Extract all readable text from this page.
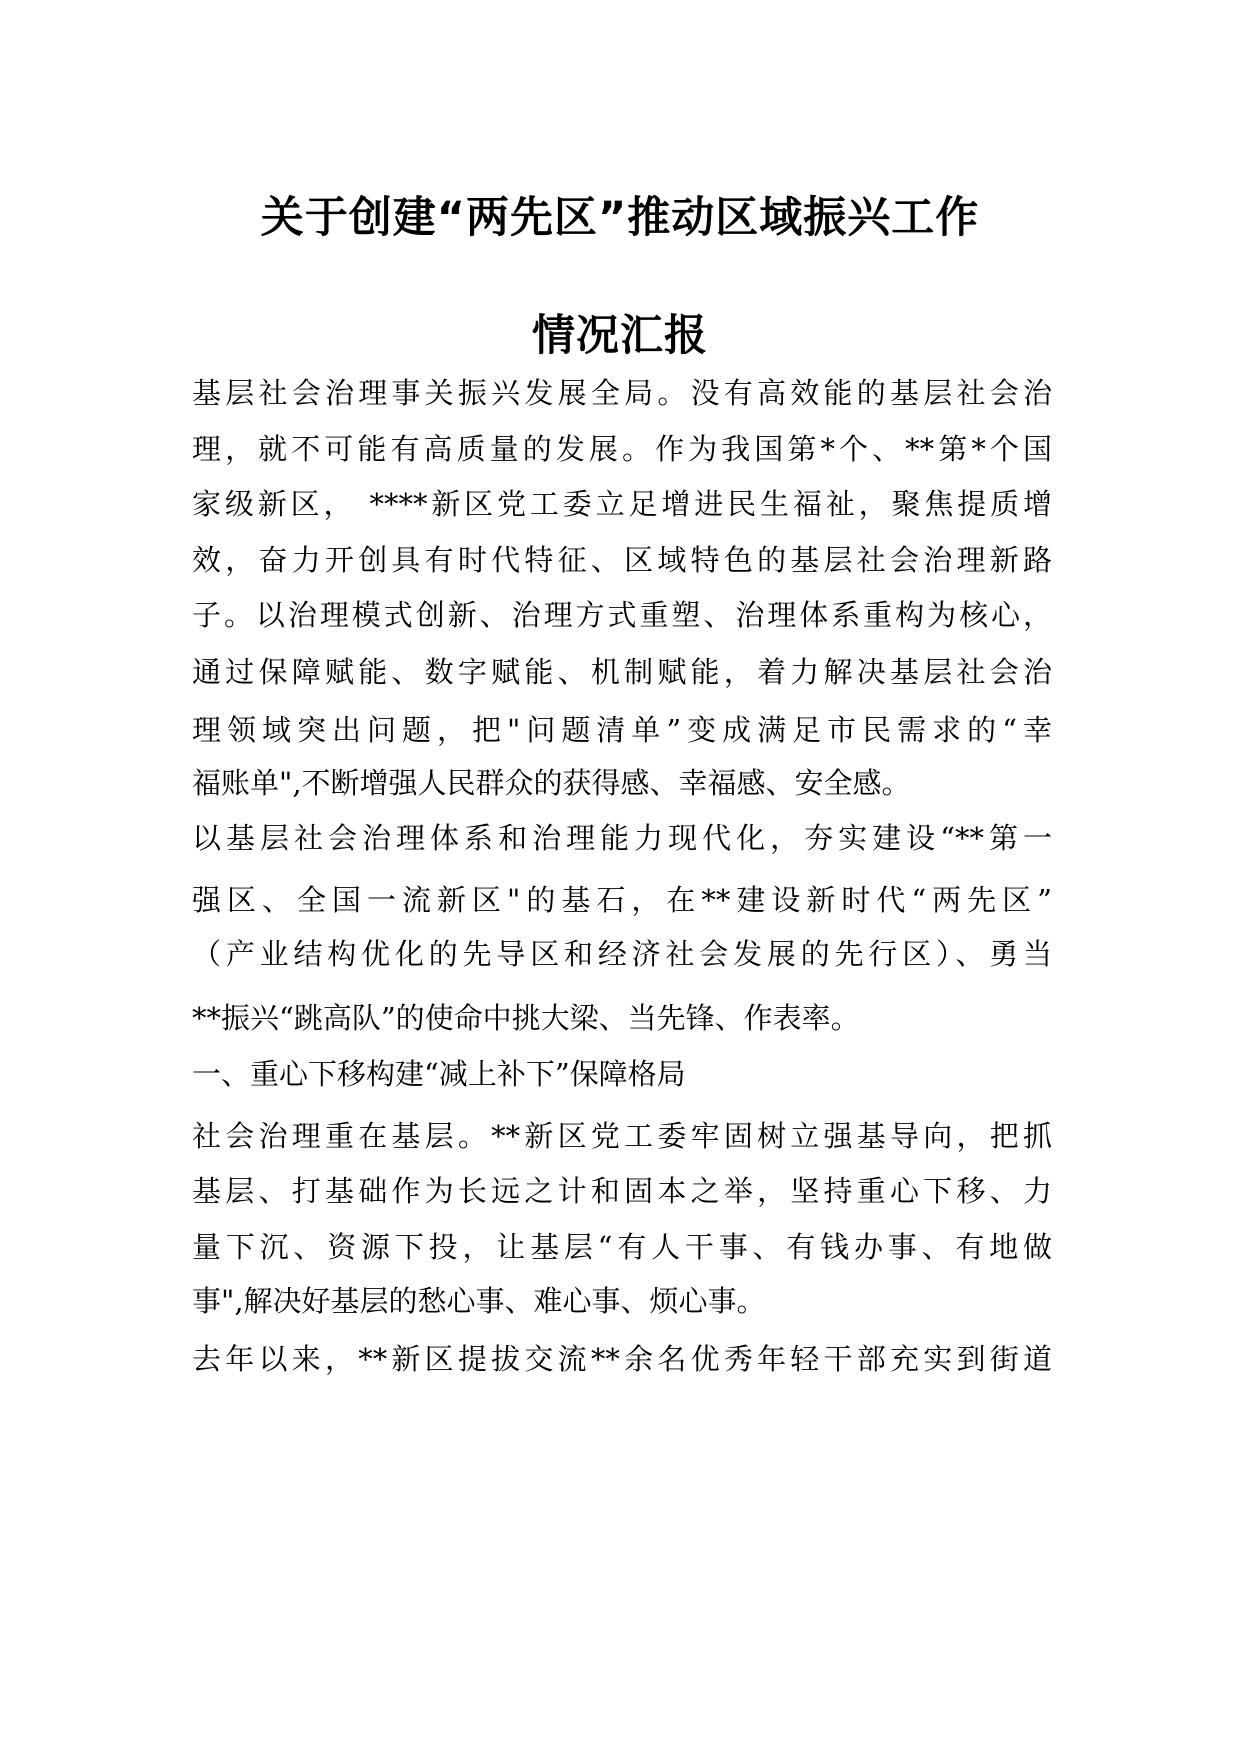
关于创建“两先区”推动区域振兴工作
情况汇报
基层社会治理事关振兴发展全局。没有高效能的基层社会治
理，就不可能有高质量的发展。作为我国第*个、**第*个国
家级新区， ****新区党工委立足增进民生福祉，聚焦提质增
效，奋力开创具有时代特征、区域特色的基层社会治理新路
子。以治理模式创新、治理方式重塑、治理体系重构为核心，
通过保障赋能、数字赋能、机制赋能，着力解决基层社会治
理领域突出问题，把"问题清单”变成满足市民需求的“幸
福账单",不断增强人民群众的获得感、幸福感、安全感。
以基层社会治理体系和治理能力现代化，夯实建设“**第一
强区、全国一流新区"的基石，在**建设新时代“两先区”
（产业结构优化的先导区和经济社会发展的先行区）、勇当
**振兴“跳高队”的使命中挑大梁、当先锋、作表率。
一、重心下移构建“减上补下”保障格局
社会治理重在基层。**新区党工委牢固树立强基导向，把抓
基层、打基础作为长远之计和固本之举，坚持重心下移、力
量下沉、资源下投，让基层“有人干事、有钱办事、有地做
事",解决好基层的愁心事、难心事、烦心事。
去年以来，**新区提拔交流**余名优秀年轻干部充实到街道
